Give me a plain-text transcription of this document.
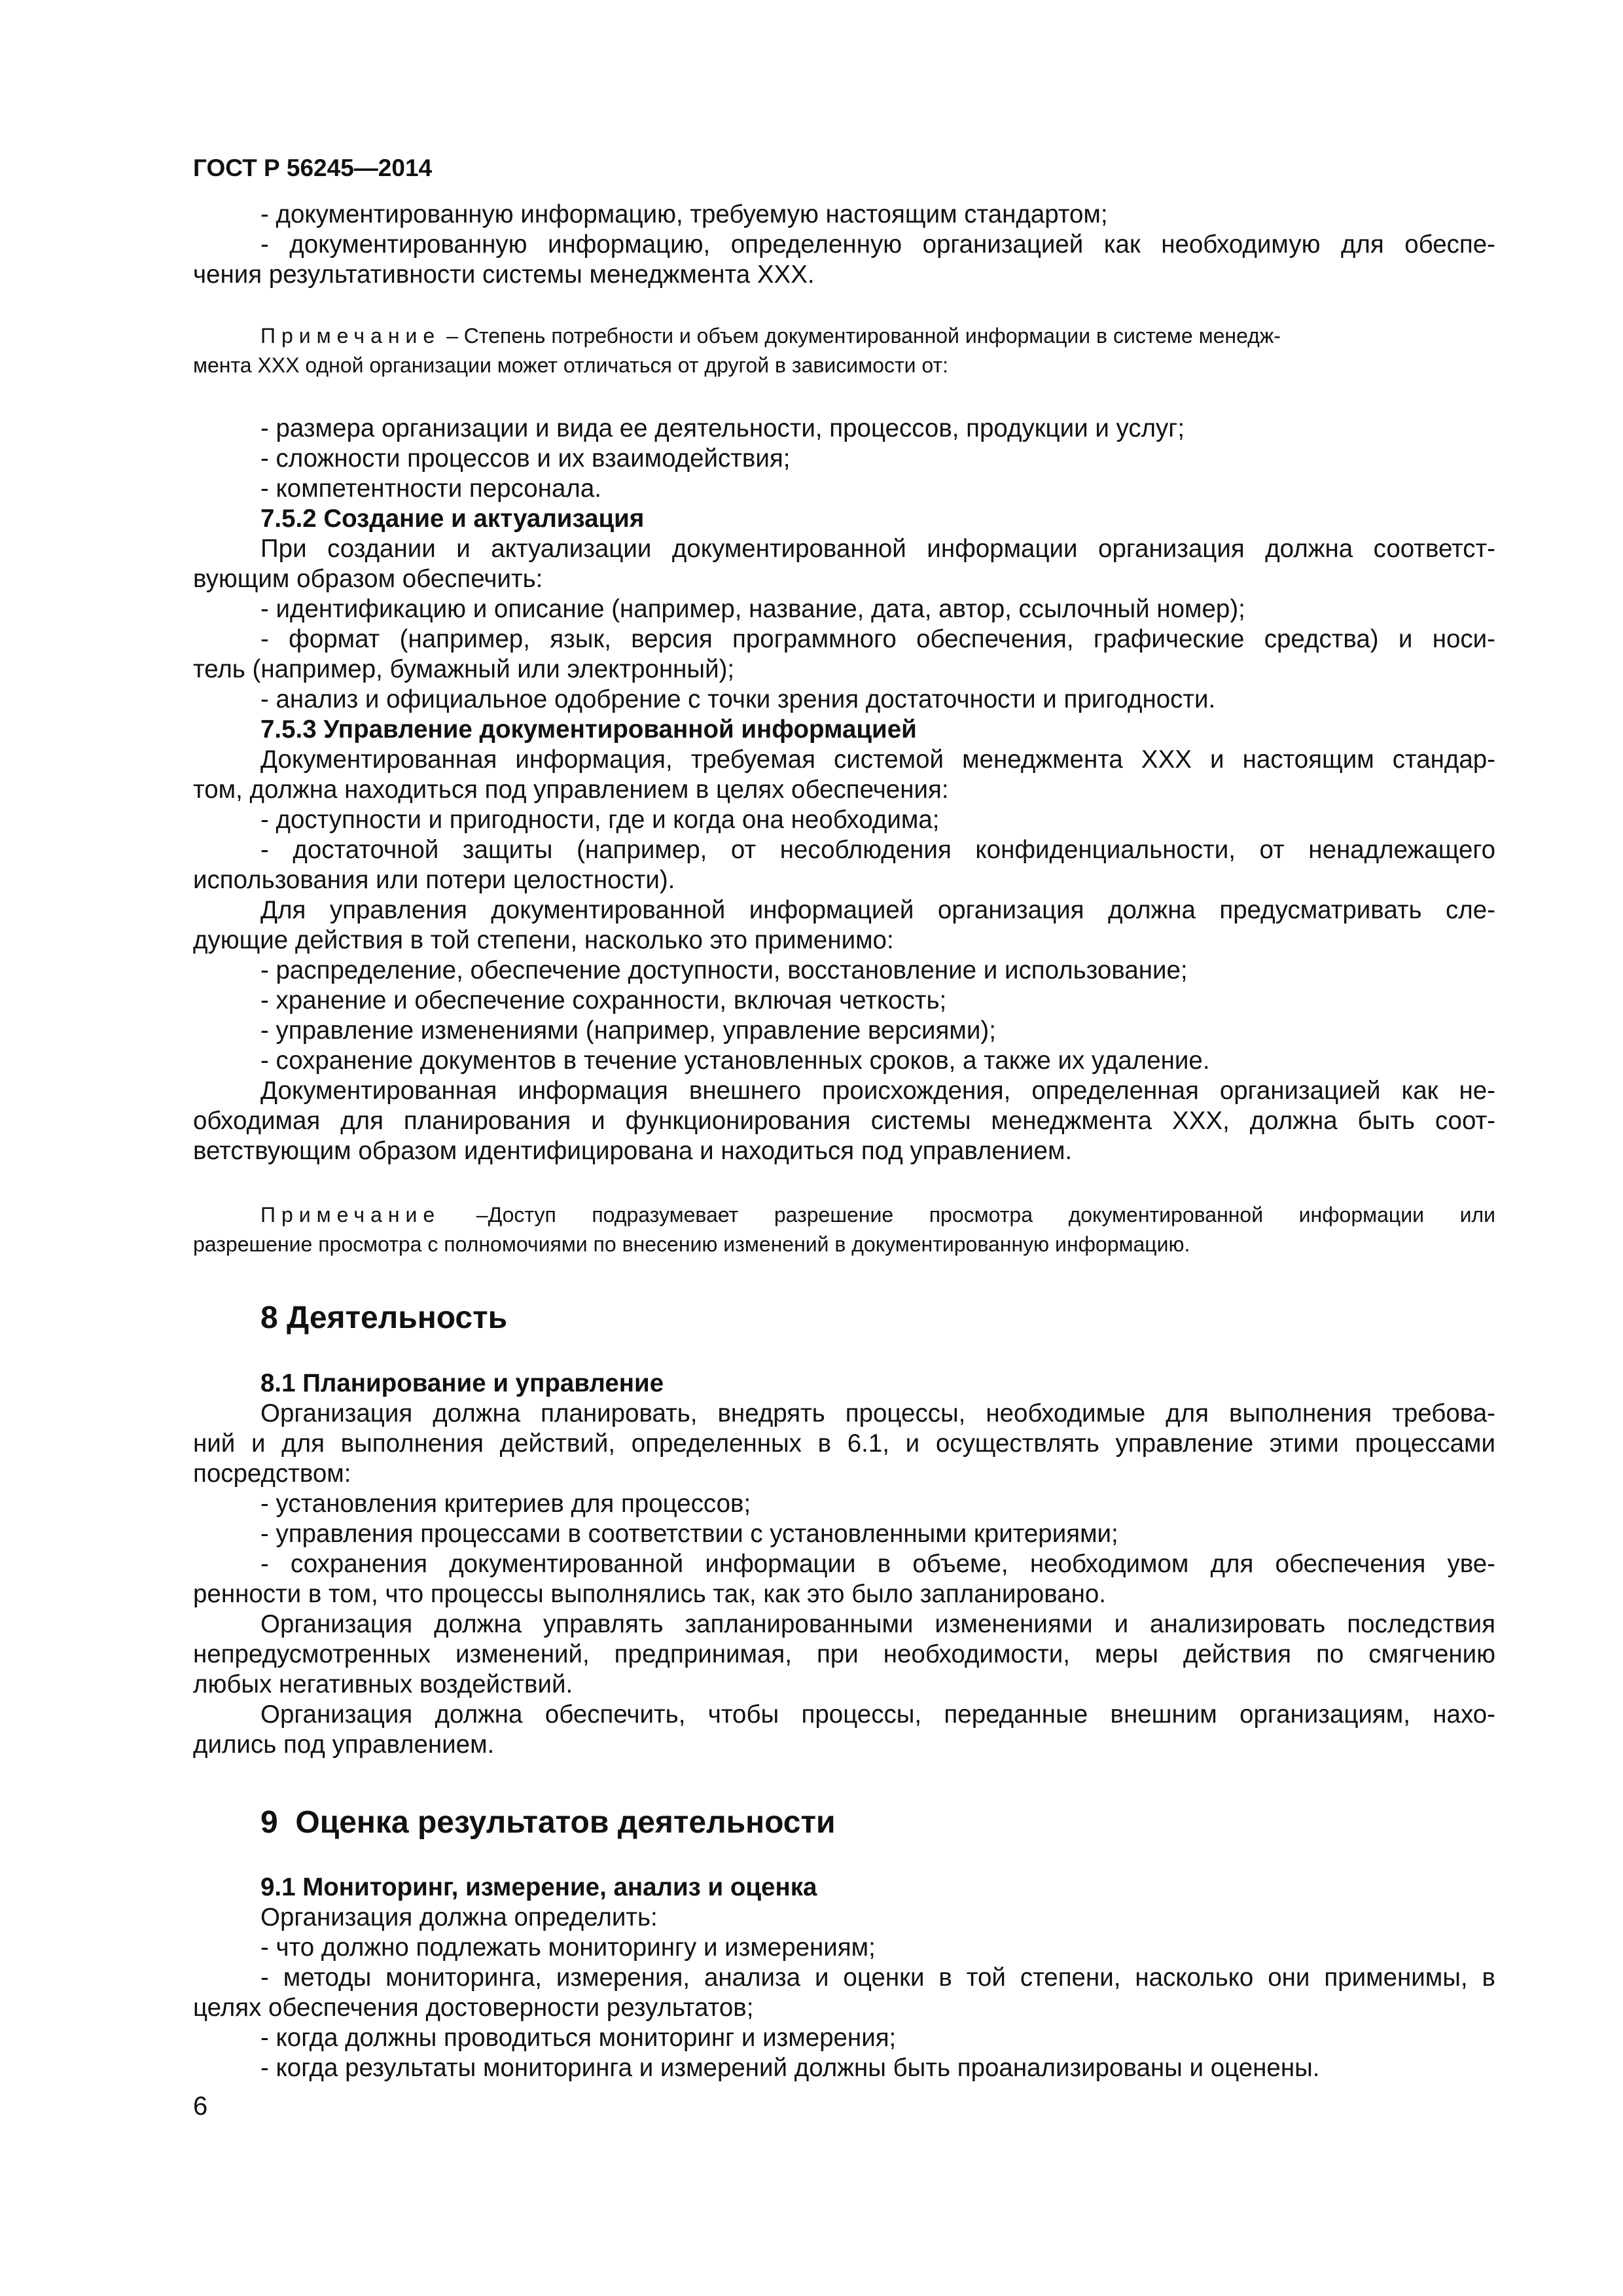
ГОСТ Р 56245—2014
- документированную информацию, требуемую настоящим стандартом;
- документированную информацию, определенную организацией как необходимую для обеспе-
чения результативности системы менеджмента XXX.
Примечание – Степень потребности и объем документированной информации в системе менедж-
мента XXX одной организации может отличаться от другой в зависимости от:
- размера организации и вида ее деятельности, процессов, продукции и услуг;
- сложности процессов и их взаимодействия;
- компетентности персонала.
7.5.2 Создание и актуализация
При создании и актуализации документированной информации организация должна соответст-
вующим образом обеспечить:
- идентификацию и описание (например, название, дата, автор, ссылочный номер);
- формат (например, язык, версия программного обеспечения, графические средства) и носи-
тель (например, бумажный или электронный);
- анализ и официальное одобрение с точки зрения достаточности и пригодности.
7.5.3 Управление документированной информацией
Документированная информация, требуемая системой менеджмента XXX и настоящим стандар-
том, должна находиться под управлением в целях обеспечения:
- доступности и пригодности, где и когда она необходима;
- достаточной защиты (например, от несоблюдения конфиденциальности, от ненадлежащего
использования или потери целостности).
Для управления документированной информацией организация должна предусматривать сле-
дующие действия в той степени, насколько это применимо:
- распределение, обеспечение доступности, восстановление и использование;
- хранение и обеспечение сохранности, включая четкость;
- управление изменениями (например, управление версиями);
- сохранение документов в течение установленных сроков, а также их удаление.
Документированная информация внешнего происхождения, определенная организацией как не-
обходимая для планирования и функционирования системы менеджмента XXX, должна быть соот-
ветствующим образом идентифицирована и находиться под управлением.
Примечание –Доступ подразумевает разрешение просмотра документированной информации или
разрешение просмотра с полномочиями по внесению изменений в документированную информацию.
8 Деятельность
8.1 Планирование и управление
Организация должна планировать, внедрять процессы, необходимые для выполнения требова-
ний и для выполнения действий, определенных в 6.1, и осуществлять управление этими процессами
посредством:
- установления критериев для процессов;
- управления процессами в соответствии с установленными критериями;
- сохранения документированной информации в объеме, необходимом для обеспечения уве-
ренности в том, что процессы выполнялись так, как это было запланировано.
Организация должна управлять запланированными изменениями и анализировать последствия
непредусмотренных изменений, предпринимая, при необходимости, меры действия по смягчению
любых негативных воздействий.
Организация должна обеспечить, чтобы процессы, переданные внешним организациям, нахо-
дились под управлением.
9  Оценка результатов деятельности
9.1 Мониторинг, измерение, анализ и оценка
Организация должна определить:
- что должно подлежать мониторингу и измерениям;
- методы мониторинга, измерения, анализа и оценки в той степени, насколько они применимы, в
целях обеспечения достоверности результатов;
- когда должны проводиться мониторинг и измерения;
- когда результаты мониторинга и измерений должны быть проанализированы и оценены.
6
